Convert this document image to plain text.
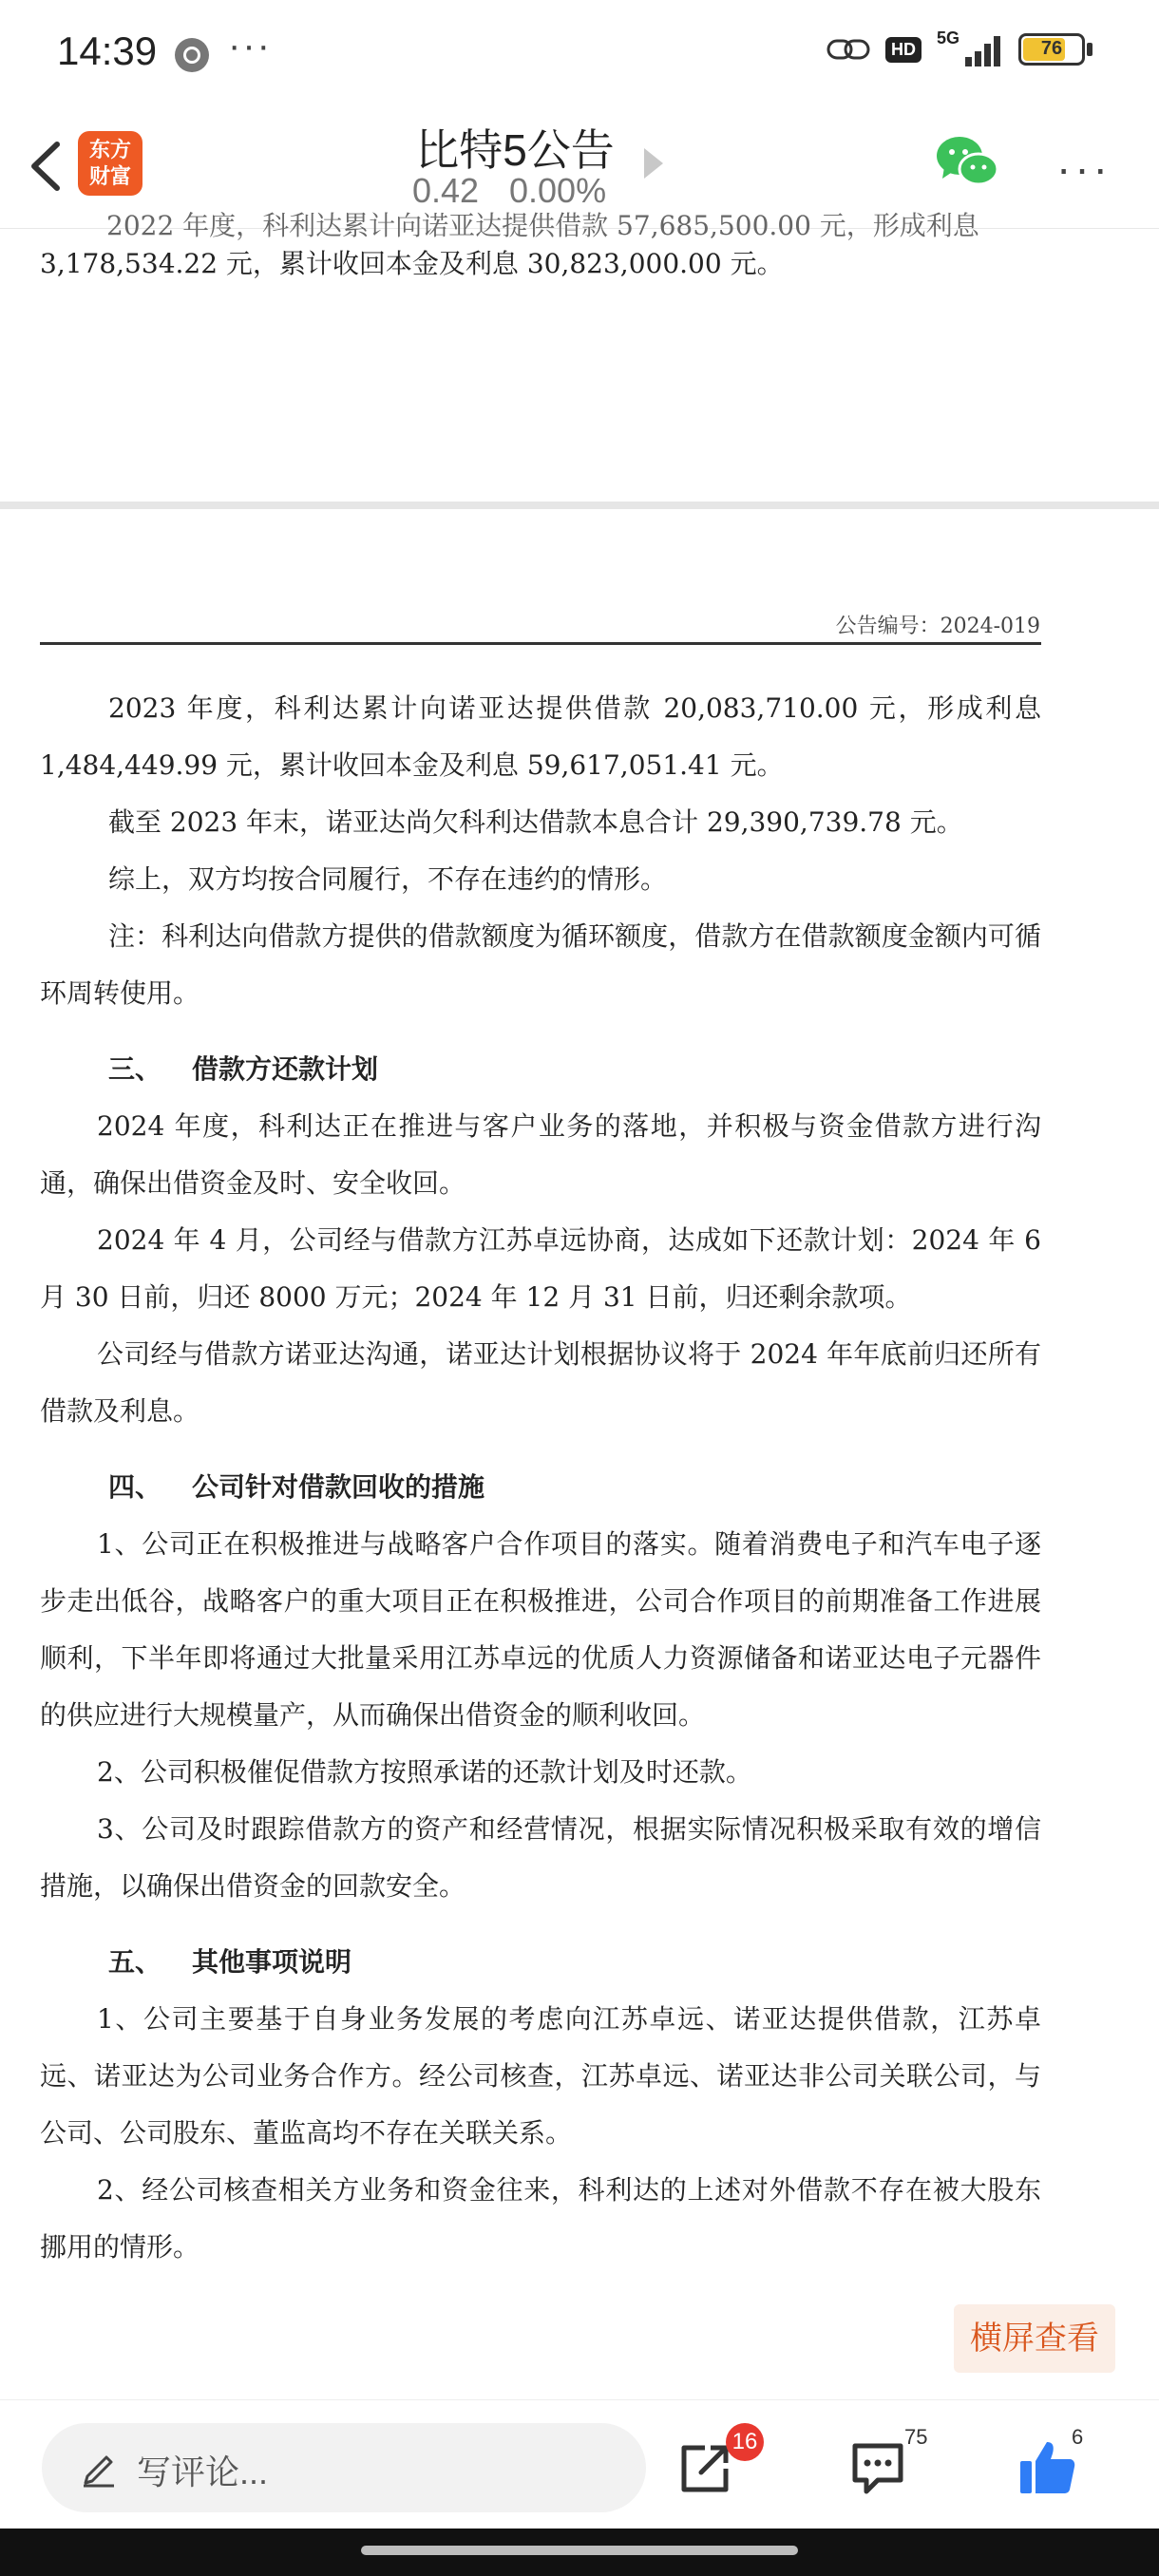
14:39 ···	HD
5G	76
东方
财富
比特5公告
0.42 0.00%	···
2022 年度，科利达累计向诺亚达提供借款 57,685,500.00 元，形成利息
3,178,534.22 元，累计收回本金及利息 30,823,000.00 元。
公告编号：2024-019

2023 年度，科利达累计向诺亚达提供借款 20,083,710.00 元，形成利息 1,484,449.99 元，累计收回本金及利息 59,617,051.41 元。

截至 2023 年末，诺亚达尚欠科利达借款本息合计 29,390,739.78 元。

综上，双方均按合同履行，不存在违约的情形。

注：科利达向借款方提供的借款额度为循环额度，借款方在借款额度金额内可循环周转使用。

三、 借款方还款计划

2024 年度，科利达正在推进与客户业务的落地，并积极与资金借款方进行沟通，确保出借资金及时、安全收回。

2024 年 4 月，公司经与借款方江苏卓远协商，达成如下还款计划：2024 年 6 月 30 日前，归还 8000 万元；2024 年 12 月 31 日前，归还剩余款项。

公司经与借款方诺亚达沟通，诺亚达计划根据协议将于 2024 年年底前归还所有借款及利息。

四、 公司针对借款回收的措施

1、公司正在积极推进与战略客户合作项目的落实。随着消费电子和汽车电子逐步走出低谷，战略客户的重大项目正在积极推进，公司合作项目的前期准备工作进展顺利，下半年即将通过大批量采用江苏卓远的优质人力资源储备和诺亚达电子元器件的供应进行大规模量产，从而确保出借资金的顺利收回。

2、公司积极催促借款方按照承诺的还款计划及时还款。

3、公司及时跟踪借款方的资产和经营情况，根据实际情况积极采取有效的增信措施，以确保出借资金的回款安全。

五、 其他事项说明

1、公司主要基于自身业务发展的考虑向江苏卓远、诺亚达提供借款，江苏卓远、诺亚达为公司业务合作方。经公司核查，江苏卓远、诺亚达非公司关联公司，与公司、公司股东、董监高均不存在关联关系。

2、经公司核查相关方业务和资金往来，科利达的上述对外借款不存在被大股东挪用的情形。

横屏查看
写评论...
16	75	6
